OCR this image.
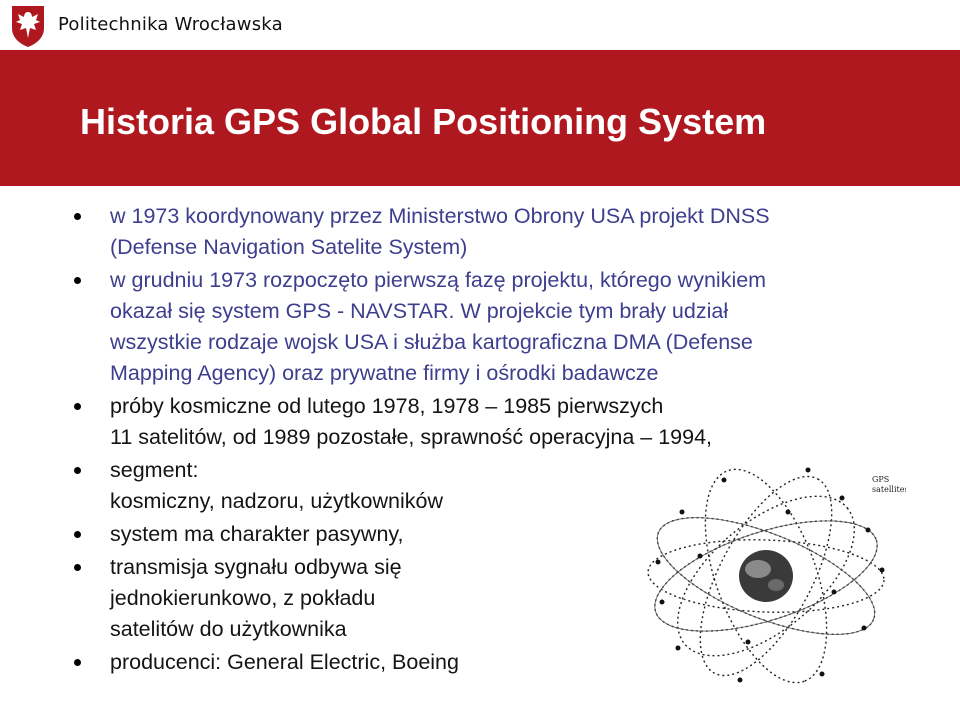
Politechnika Wrocławska
Historia GPS Global Positioning System
w 1973 koordynowany przez Ministerstwo Obrony USA projekt DNSS
(Defense Navigation Satelite System)
w grudniu 1973 rozpoczęto pierwszą fazę projektu, którego wynikiem
okazał się system GPS - NAVSTAR. W projekcie tym brały udział
wszystkie rodzaje wojsk USA i służba kartograficzna DMA (Defense
Mapping Agency) oraz prywatne firmy i ośrodki badawcze
próby kosmiczne od lutego 1978, 1978 – 1985 pierwszych
11 satelitów, od 1989 pozostałe, sprawność operacyjna – 1994,
segment:
kosmiczny, nadzoru, użytkowników
system ma charakter pasywny,
transmisja sygnału odbywa się
jednokierunkowo, z pokładu
satelitów do użytkownika
producenci: General Electric, Boeing
GPS
satellites
